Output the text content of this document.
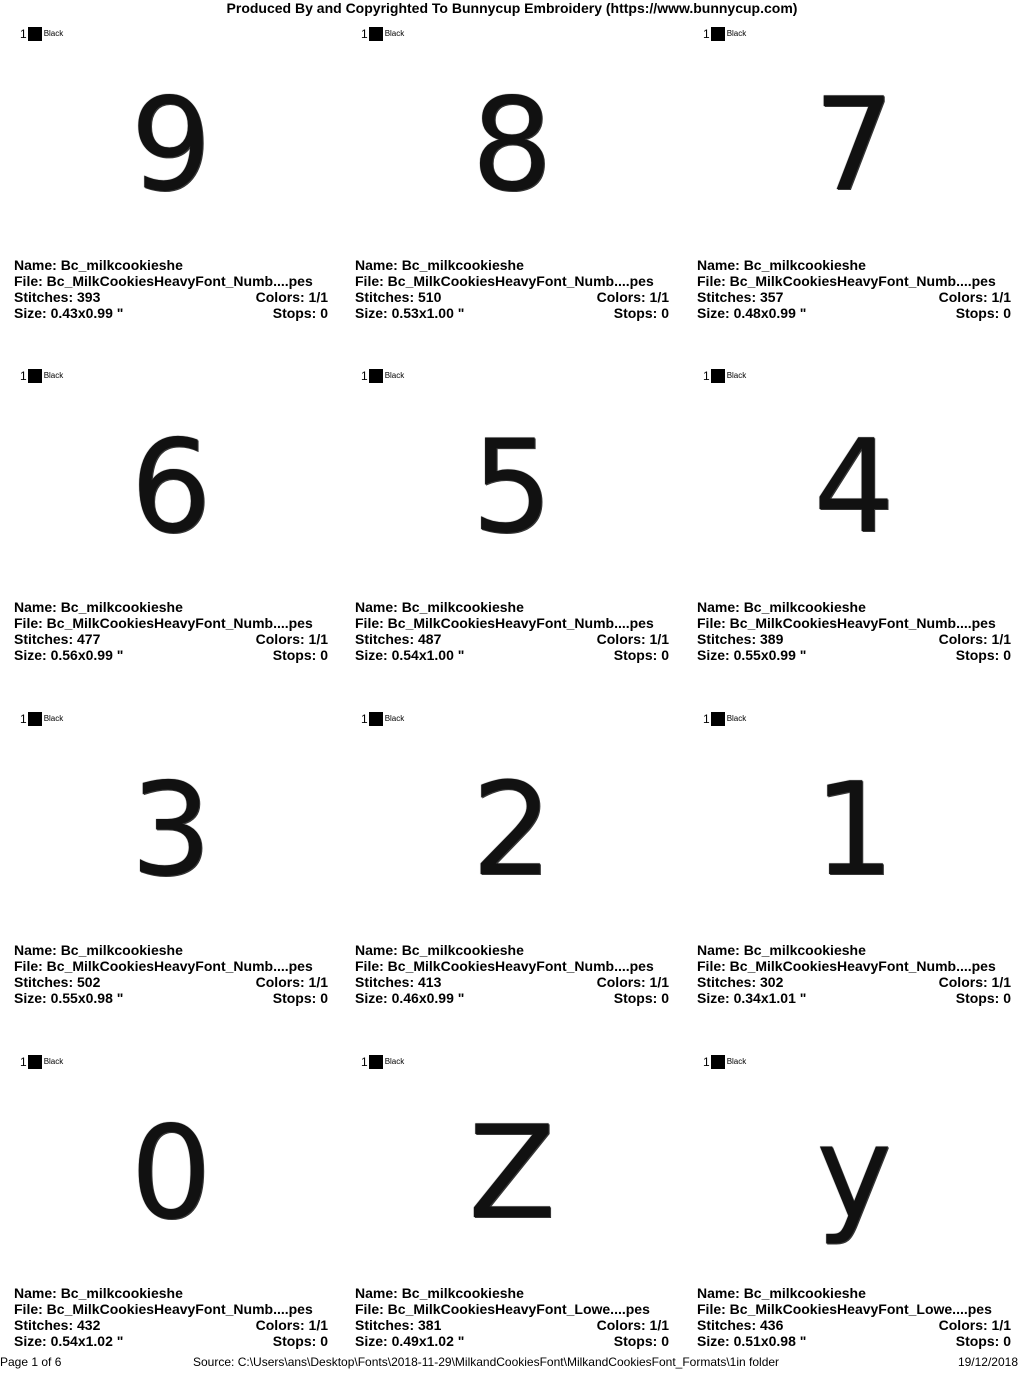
Produced By and Copyrighted To Bunnycup Embroidery (https://www.bunnycup.com)
1 Black
9
Name: Bc_milkcookieshe
File: Bc_MilkCookiesHeavyFont_Numb....pes
Stitches: 393	Colors: 1/1
Size: 0.43x0.99 "	Stops: 0
1 Black
8
Name: Bc_milkcookieshe
File: Bc_MilkCookiesHeavyFont_Numb....pes
Stitches: 510	Colors: 1/1
Size: 0.53x1.00 "	Stops: 0
1 Black
7
Name: Bc_milkcookieshe
File: Bc_MilkCookiesHeavyFont_Numb....pes
Stitches: 357	Colors: 1/1
Size: 0.48x0.99 "	Stops: 0
1 Black
6
Name: Bc_milkcookieshe
File: Bc_MilkCookiesHeavyFont_Numb....pes
Stitches: 477	Colors: 1/1
Size: 0.56x0.99 "	Stops: 0
1 Black
5
Name: Bc_milkcookieshe
File: Bc_MilkCookiesHeavyFont_Numb....pes
Stitches: 487	Colors: 1/1
Size: 0.54x1.00 "	Stops: 0
1 Black
4
Name: Bc_milkcookieshe
File: Bc_MilkCookiesHeavyFont_Numb....pes
Stitches: 389	Colors: 1/1
Size: 0.55x0.99 "	Stops: 0
1 Black
3
Name: Bc_milkcookieshe
File: Bc_MilkCookiesHeavyFont_Numb....pes
Stitches: 502	Colors: 1/1
Size: 0.55x0.98 "	Stops: 0
1 Black
2
Name: Bc_milkcookieshe
File: Bc_MilkCookiesHeavyFont_Numb....pes
Stitches: 413	Colors: 1/1
Size: 0.46x0.99 "	Stops: 0
1 Black
1
Name: Bc_milkcookieshe
File: Bc_MilkCookiesHeavyFont_Numb....pes
Stitches: 302	Colors: 1/1
Size: 0.34x1.01 "	Stops: 0
1 Black
0
Name: Bc_milkcookieshe
File: Bc_MilkCookiesHeavyFont_Numb....pes
Stitches: 432	Colors: 1/1
Size: 0.54x1.02 "	Stops: 0
1 Black
Z
Name: Bc_milkcookieshe
File: Bc_MilkCookiesHeavyFont_Lowe....pes
Stitches: 381	Colors: 1/1
Size: 0.49x1.02 "	Stops: 0
1 Black
y
Name: Bc_milkcookieshe
File: Bc_MilkCookiesHeavyFont_Lowe....pes
Stitches: 436	Colors: 1/1
Size: 0.51x0.98 "	Stops: 0
Page 1 of 6	Source: C:\Users\ans\Desktop\Fonts\2018-11-29\MilkandCookiesFont\MilkandCookiesFont_Formats\1in folder	19/12/2018
